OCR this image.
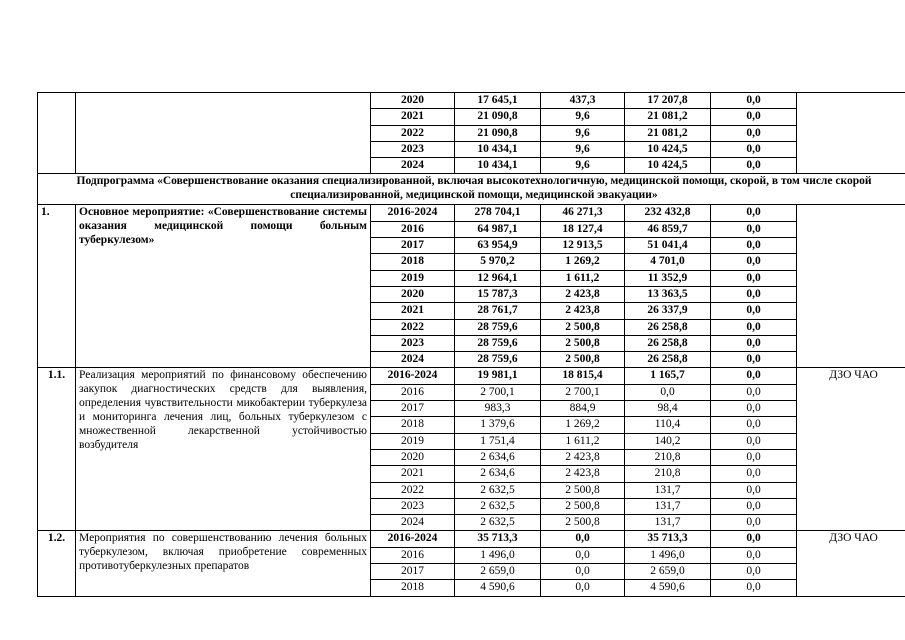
		2020	17 645,1	437,3	17 207,8	0,0	
		2021	21 090,8	9,6	21 081,2	0,0	
		2022	21 090,8	9,6	21 081,2	0,0	
		2023	10 434,1	9,6	10 424,5	0,0	
		2024	10 434,1	9,6	10 424,5	0,0	
Подпрограмма «Совершенствование оказания специализированной, включая высокотехнологичную, медицинской помощи, скорой, в том числе скорой специализированной, медицинской помощи, медицинской эвакуации»							
1.	Основное мероприятие: «Совершенствование системы оказания медицинской помощи больным туберкулезом»	2016-2024	278 704,1	46 271,3	232 432,8	0,0	
		2016	64 987,1	18 127,4	46 859,7	0,0	
		2017	63 954,9	12 913,5	51 041,4	0,0	
		2018	5 970,2	1 269,2	4 701,0	0,0	
		2019	12 964,1	1 611,2	11 352,9	0,0	
		2020	15 787,3	2 423,8	13 363,5	0,0	
		2021	28 761,7	2 423,8	26 337,9	0,0	
		2022	28 759,6	2 500,8	26 258,8	0,0	
		2023	28 759,6	2 500,8	26 258,8	0,0	
		2024	28 759,6	2 500,8	26 258,8	0,0	
1.1.	Реализация мероприятий по финансовому обеспечению закупок диагностических средств для выявления, определения чувствительности микобактерии туберкулеза и мониторинга лечения лиц, больных туберкулезом с множественной лекарственной устойчивостью возбудителя	2016-2024	19 981,1	18 815,4	1 165,7	0,0	ДЗО ЧАО
		2016	2 700,1	2 700,1	0,0	0,0	
		2017	983,3	884,9	98,4	0,0	
		2018	1 379,6	1 269,2	110,4	0,0	
		2019	1 751,4	1 611,2	140,2	0,0	
		2020	2 634,6	2 423,8	210,8	0,0	
		2021	2 634,6	2 423,8	210,8	0,0	
		2022	2 632,5	2 500,8	131,7	0,0	
		2023	2 632,5	2 500,8	131,7	0,0	
		2024	2 632,5	2 500,8	131,7	0,0	
1.2.	Мероприятия по совершенствованию лечения больных туберкулезом, включая приобретение современных противотуберкулезных препаратов	2016-2024	35 713,3	0,0	35 713,3	0,0	ДЗО ЧАО
		2016	1 496,0	0,0	1 496,0	0,0	
		2017	2 659,0	0,0	2 659,0	0,0	
		2018	4 590,6	0,0	4 590,6	0,0	
